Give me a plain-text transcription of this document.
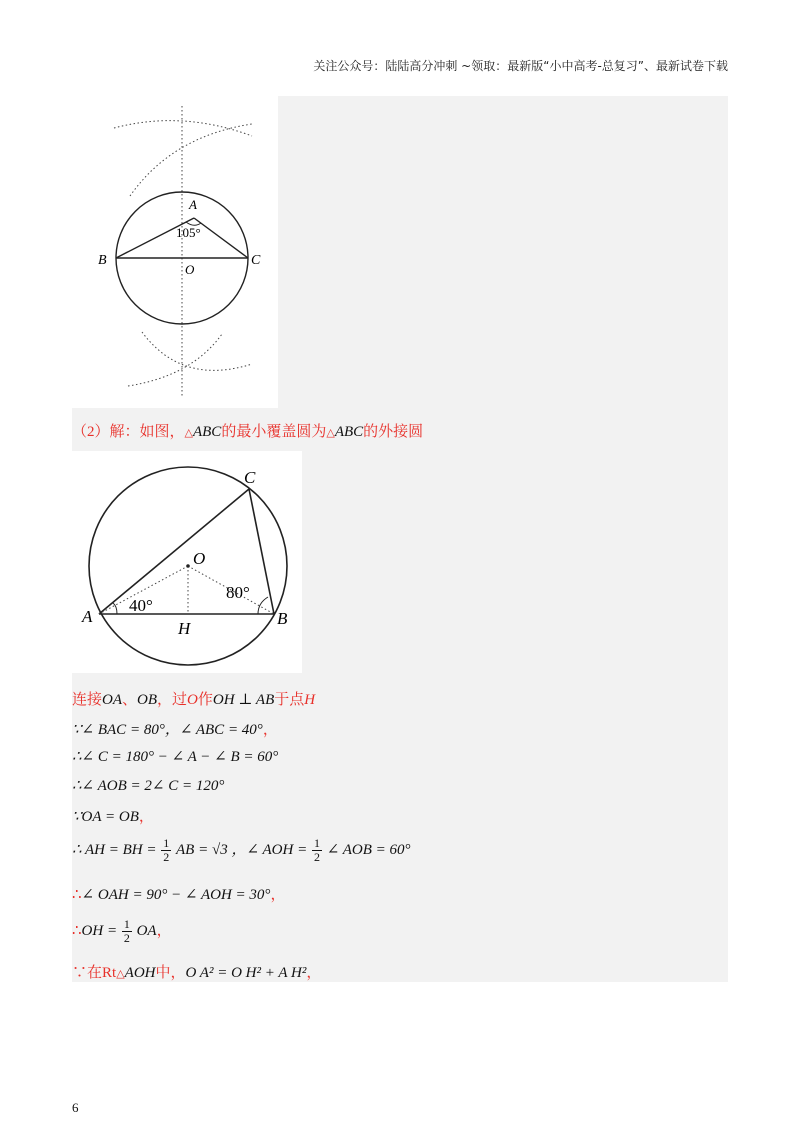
关注公众号：陆陆高分冲刺 ~领取：最新版“小中高考-总复习”、最新试卷下载
A
105°
B	C
O
（2）解：如图，△ABC的最小覆盖圆为△ABC的外接圆
A	B
C
O
H
40°
80°
连接OA、OB，过O作OH ⊥ AB于点H
∵∠ BAC = 80°，∠ ABC = 40°，
∴∠ C = 180° − ∠ A − ∠ B = 60°
∴∠ AOB = 2∠ C = 120°
∵OA = OB，
∴ AH = BH = $\frac{1}{2}$ AB = √3 ，∠ AOH = $\frac{1}{2}$ ∠ AOB = 60°
∴∠ OAH = 90° − ∠ AOH = 30°，
∴OH = $\frac{1}{2}$ OA，
∵在Rt△AOH中，O A² = O H² + A H²，
6
